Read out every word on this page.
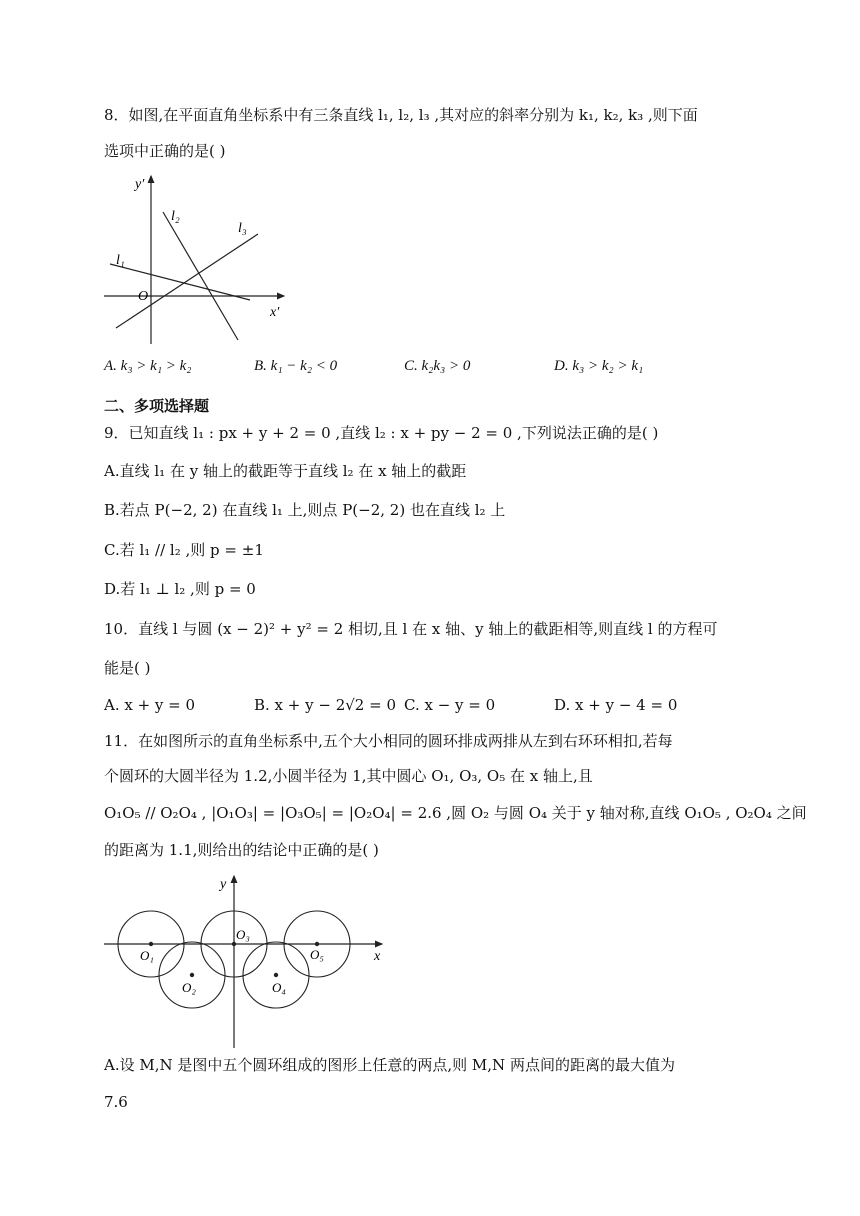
8．如图,在平面直角坐标系中有三条直线 l₁, l₂, l₃ ,其对应的斜率分别为 k₁, k₂, k₃ ,则下面
选项中正确的是( )
y′
x′
O
l₁
l₂
l₃
A. k₃ > k₁ > k₂	B. k₁ − k₂ < 0	C. k₂k₃ > 0	D. k₃ > k₂ > k₁
二、多项选择题
9．已知直线 l₁ : px + y + 2 = 0 ,直线 l₂ : x + py − 2 = 0 ,下列说法正确的是( )
A.直线 l₁ 在 y 轴上的截距等于直线 l₂ 在 x 轴上的截距
B.若点 P(−2, 2) 在直线 l₁ 上,则点 P(−2, 2) 也在直线 l₂ 上
C.若 l₁ // l₂ ,则 p = ±1
D.若 l₁ ⊥ l₂ ,则 p = 0
10．直线 l 与圆 (x − 2)² + y² = 2 相切,且 l 在 x 轴、y 轴上的截距相等,则直线 l 的方程可
能是( )
A. x + y = 0	B. x + y − 2√2 = 0 C. x − y = 0	D. x + y − 4 = 0
11．在如图所示的直角坐标系中,五个大小相同的圆环排成两排从左到右环环相扣,若每
个圆环的大圆半径为 1.2,小圆半径为 1,其中圆心 O₁, O₃, O₅ 在 x 轴上,且
O₁O₅ // O₂O₄ , |O₁O₃| = |O₃O₅| = |O₂O₄| = 2.6 ,圆 O₂ 与圆 O₄ 关于 y 轴对称,直线 O₁O₅ , O₂O₄ 之间
的距离为 1.1,则给出的结论中正确的是( )
y
x
O₁
O₂
O₃
O₄
O₅
A.设 M,N 是图中五个圆环组成的图形上任意的两点,则 M,N 两点间的距离的最大值为
7.6
